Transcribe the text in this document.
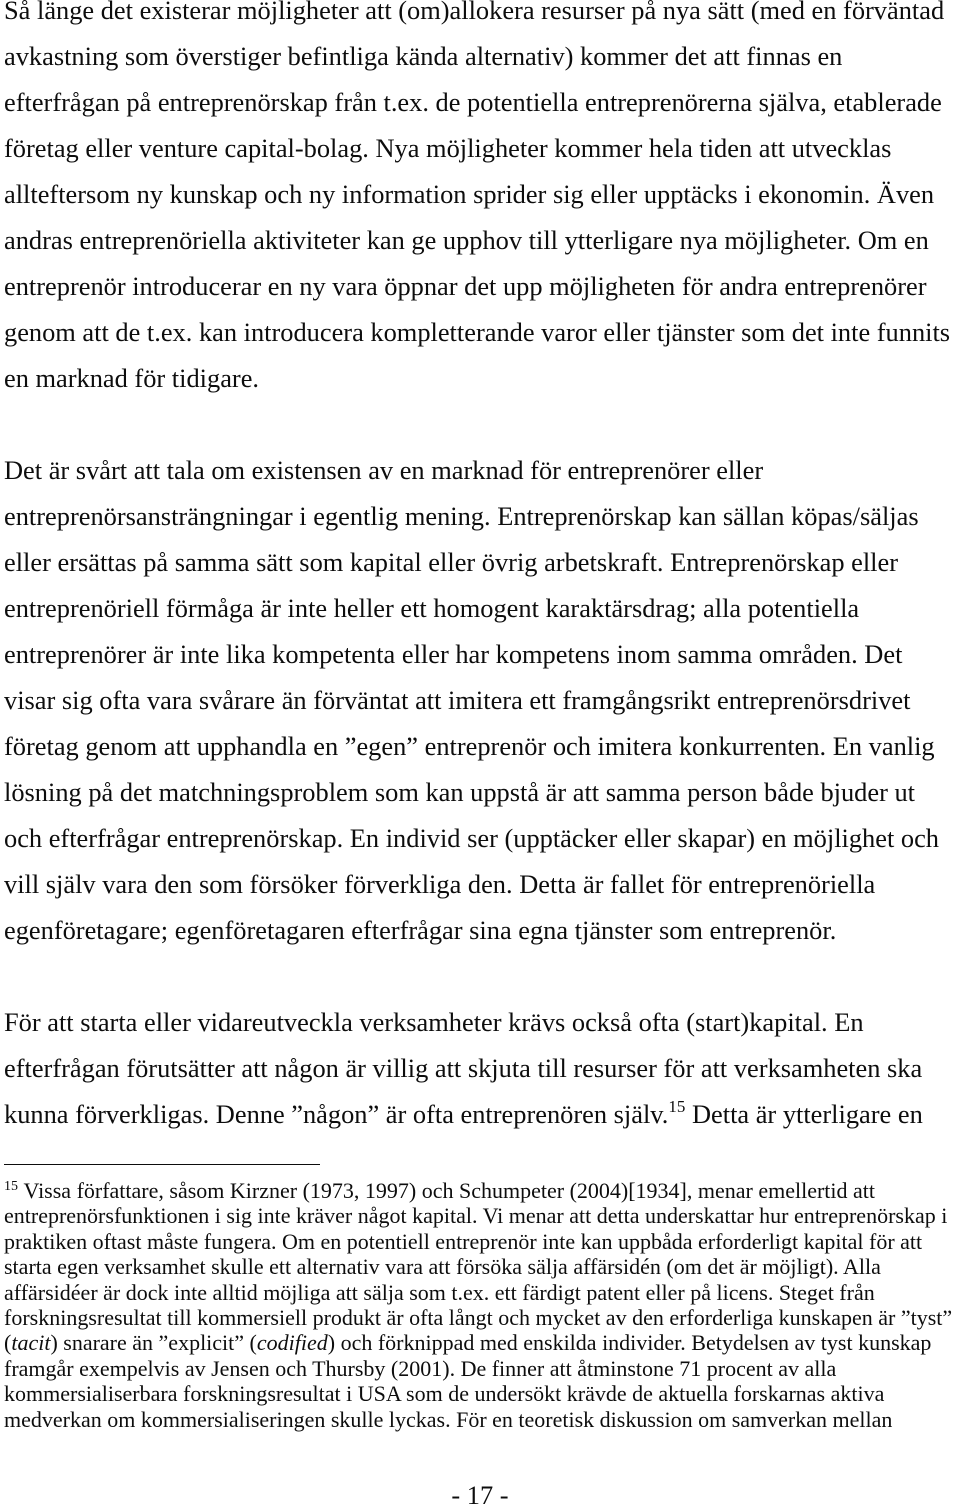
Så länge det existerar möjligheter att (om)allokera resurser på nya sätt (med en förväntad
avkastning som överstiger befintliga kända alternativ) kommer det att finnas en
efterfrågan på entreprenörskap från t.ex. de potentiella entreprenörerna själva, etablerade
företag eller venture capital-bolag. Nya möjligheter kommer hela tiden att utvecklas
allteftersom ny kunskap och ny information sprider sig eller upptäcks i ekonomin. Även
andras entreprenöriella aktiviteter kan ge upphov till ytterligare nya möjligheter. Om en
entreprenör introducerar en ny vara öppnar det upp möjligheten för andra entreprenörer
genom att de t.ex. kan introducera kompletterande varor eller tjänster som det inte funnits
en marknad för tidigare.
Det är svårt att tala om existensen av en marknad för entreprenörer eller
entreprenörsansträngningar i egentlig mening. Entreprenörskap kan sällan köpas/säljas
eller ersättas på samma sätt som kapital eller övrig arbetskraft. Entreprenörskap eller
entreprenöriell förmåga är inte heller ett homogent karaktärsdrag; alla potentiella
entreprenörer är inte lika kompetenta eller har kompetens inom samma områden. Det
visar sig ofta vara svårare än förväntat att imitera ett framgångsrikt entreprenörsdrivet
företag genom att upphandla en ”egen” entreprenör och imitera konkurrenten. En vanlig
lösning på det matchningsproblem som kan uppstå är att samma person både bjuder ut
och efterfrågar entreprenörskap. En individ ser (upptäcker eller skapar) en möjlighet och
vill själv vara den som försöker förverkliga den. Detta är fallet för entreprenöriella
egenföretagare; egenföretagaren efterfrågar sina egna tjänster som entreprenör.
För att starta eller vidareutveckla verksamheter krävs också ofta (start)kapital. En
efterfrågan förutsätter att någon är villig att skjuta till resurser för att verksamheten ska
kunna förverkligas. Denne ”någon” är ofta entreprenören själv.$^{15}$ Detta är ytterligare en
$^{15}$ Vissa författare, såsom Kirzner (1973, 1997) och Schumpeter (2004)[1934], menar emellertid att
entreprenörsfunktionen i sig inte kräver något kapital. Vi menar att detta underskattar hur entreprenörskap i
praktiken oftast måste fungera. Om en potentiell entreprenör inte kan uppbåda erforderligt kapital för att
starta egen verksamhet skulle ett alternativ vara att försöka sälja affärsidén (om det är möjligt). Alla
affärsidéer är dock inte alltid möjliga att sälja som t.ex. ett färdigt patent eller på licens. Steget från
forskningsresultat till kommersiell produkt är ofta långt och mycket av den erforderliga kunskapen är ”tyst”
(tacit) snarare än ”explicit” (codified) och förknippad med enskilda individer. Betydelsen av tyst kunskap
framgår exempelvis av Jensen och Thursby (2001). De finner att åtminstone 71 procent av alla
kommersialiserbara forskningsresultat i USA som de undersökt krävde de aktuella forskarnas aktiva
medverkan om kommersialiseringen skulle lyckas. För en teoretisk diskussion om samverkan mellan
- 17 -
